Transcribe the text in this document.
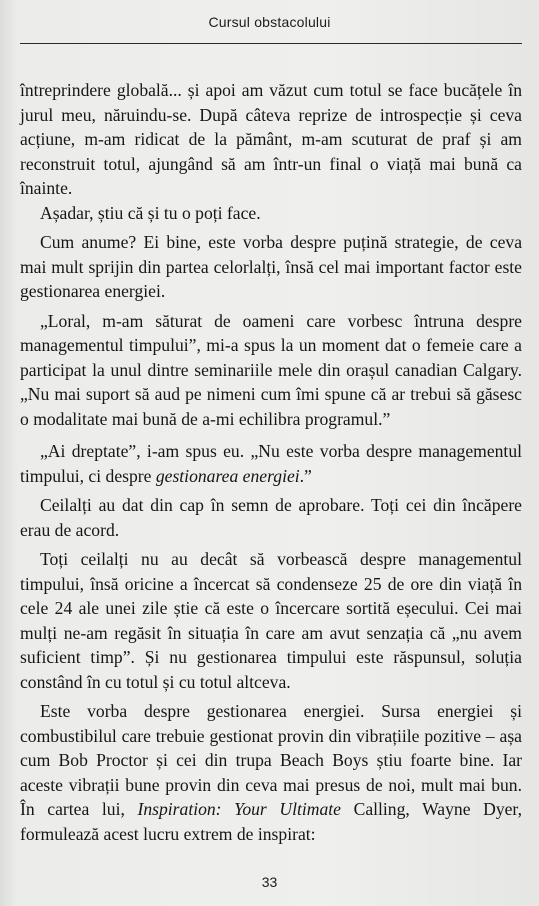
Cursul obstacolului

întreprindere globală... și apoi am văzut cum totul se face bucățele în jurul meu, năruindu-se. După câteva reprize de introspecție și ceva acțiune, m-am ridicat de la pământ, m-am scuturat de praf și am reconstruit totul, ajungând să am într-un final o viață mai bună ca înainte.

Așadar, știu că și tu o poți face.

Cum anume? Ei bine, este vorba despre puțină strategie, de ceva mai mult sprijin din partea celorlalți, însă cel mai important factor este gestionarea energiei.

„Loral, m-am săturat de oameni care vorbesc întruna despre managementul timpului”, mi-a spus la un moment dat o femeie care a participat la unul dintre seminariile mele din orașul canadian Calgary. „Nu mai suport să aud pe nimeni cum îmi spune că ar trebui să găsesc o modalitate mai bună de a-mi echilibra programul.”

„Ai dreptate”, i-am spus eu. „Nu este vorba despre managementul timpului, ci despre gestionarea energiei.”

Ceilalți au dat din cap în semn de aprobare. Toți cei din încăpere erau de acord.

Toți ceilalți nu au decât să vorbească despre managementul timpului, însă oricine a încercat să condenseze 25 de ore din viață în cele 24 ale unei zile știe că este o încercare sortită eșecului. Cei mai mulți ne-am regăsit în situația în care am avut senzația că „nu avem suficient timp”. Și nu gestionarea timpului este răspunsul, soluția constând în cu totul și cu totul altceva.

Este vorba despre gestionarea energiei. Sursa energiei și combustibilul care trebuie gestionat provin din vibrațiile pozitive – așa cum Bob Proctor și cei din trupa Beach Boys știu foarte bine. Iar aceste vibrații bune provin din ceva mai presus de noi, mult mai bun. În cartea lui, Inspiration: Your Ultimate Calling, Wayne Dyer, formulează acest lucru extrem de inspirat:

33
